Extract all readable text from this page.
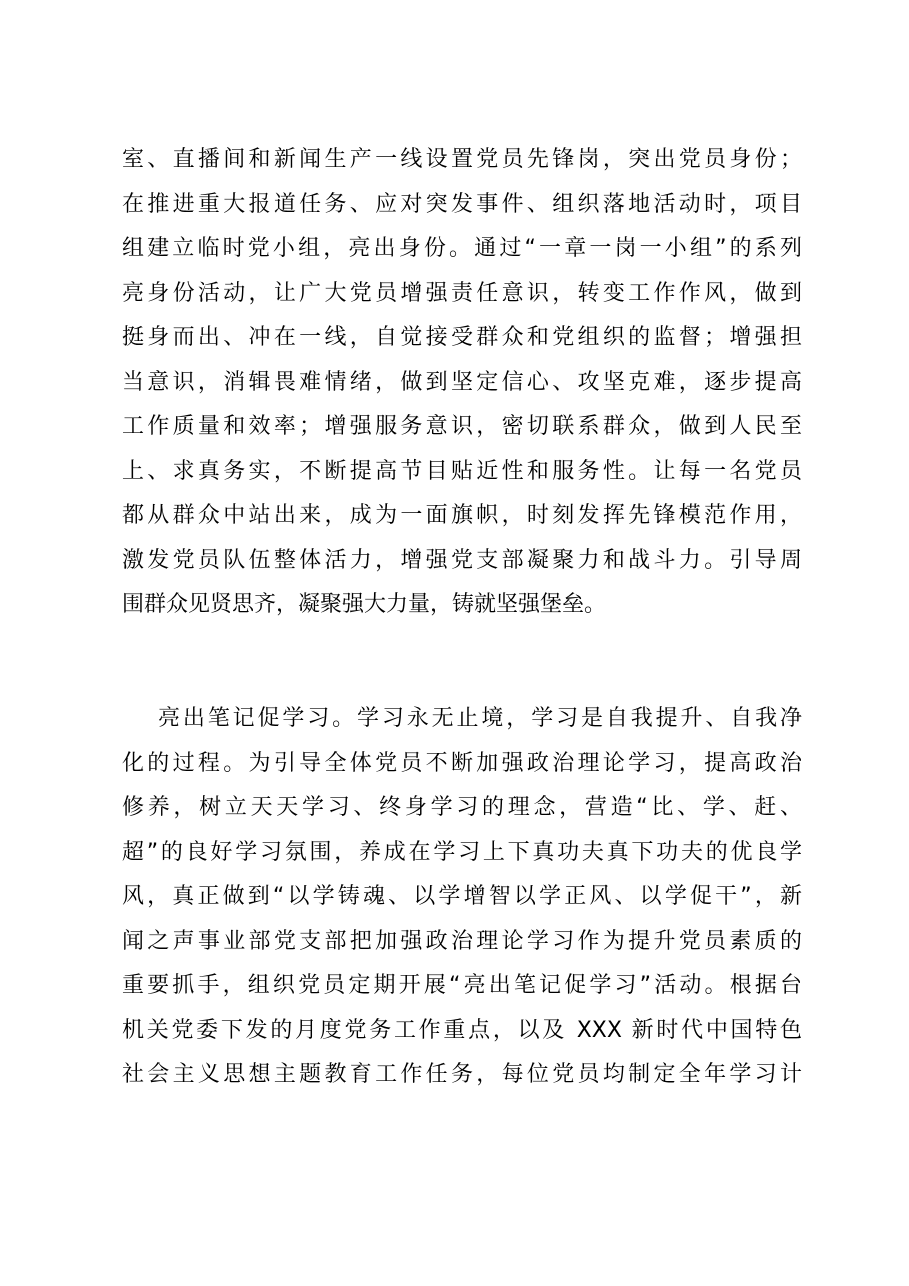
室、直播间和新闻生产一线设置党员先锋岗，突出党员身份；
在推进重大报道任务、应对突发事件、组织落地活动时，项目
组建立临时党小组，亮出身份。通过“一章一岗一小组”的系列
亮身份活动，让广大党员增强责任意识，转变工作作风，做到
挺身而出、冲在一线，自觉接受群众和党组织的监督；增强担
当意识，消辑畏难情绪，做到坚定信心、攻坚克难，逐步提高
工作质量和效率；增强服务意识，密切联系群众，做到人民至
上、求真务实，不断提高节目贴近性和服务性。让每一名党员
都从群众中站出来，成为一面旗帜，时刻发挥先锋模范作用，
激发党员队伍整体活力，增强党支部凝聚力和战斗力。引导周
围群众见贤思齐，凝聚强大力量，铸就坚强堡垒。
亮出笔记促学习。学习永无止境，学习是自我提升、自我净
化的过程。为引导全体党员不断加强政治理论学习，提高政治
修养，树立天天学习、终身学习的理念，营造“比、学、赶、
超”的良好学习氛围，养成在学习上下真功夫真下功夫的优良学
风，真正做到“以学铸魂、以学增智以学正风、以学促干”，新
闻之声事业部党支部把加强政治理论学习作为提升党员素质的
重要抓手，组织党员定期开展“亮出笔记促学习”活动。根据台
机关党委下发的月度党务工作重点，以及 XXX 新时代中国特色
社会主义思想主题教育工作任务，每位党员均制定全年学习计
